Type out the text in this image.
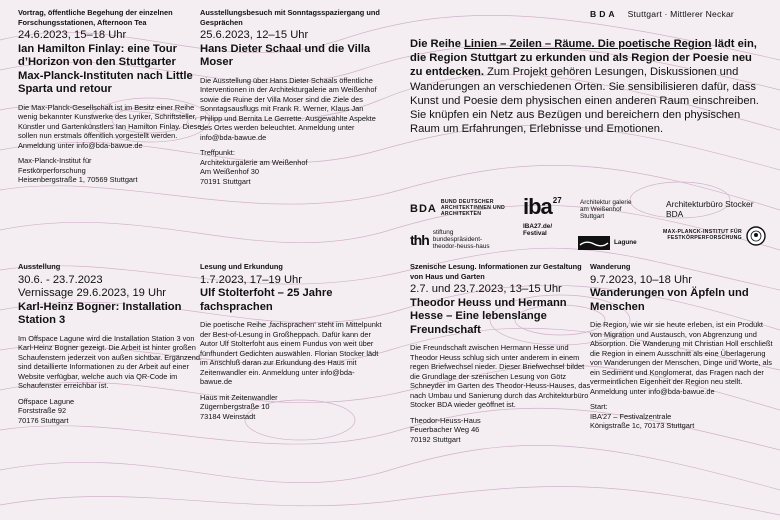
BDA Stuttgart · Mittlerer Neckar
Die Reihe Linien – Zeilen – Räume. Die poetische Region lädt ein, die Region Stuttgart zu erkunden und als Region der Poesie neu zu entdecken. Zum Projekt gehören Lesungen, Diskussionen und Wanderungen an verschiedenen Orten. Sie sensibilisieren dafür, dass Kunst und Poesie dem physischen einen anderen Raum einschreiben. Sie knüpfen ein Netz aus Bezügen und bereichern den physischen Raum um Erfahrungen, Erlebnisse und Emotionen.
BDA
BUND DEUTSCHER ARCHITEKTINNEN UND ARCHITEKTEN	iba 27
IBA27.de/ Festival
Architektur galerie am Weißenhof Stuttgart
Architekturbüro Stocker BDA
thh stiftung bundespräsident- theodor-heuss-haus
Lagune
MAX-PLANCK-INSTITUT FÜR FESTKÖRPERFORSCHUNG
Vortrag, öffentliche Begehung der einzelnen Forschungsstationen, Afternoon Tea
24.6.2023, 15–18 Uhr
Ian Hamilton Finlay: eine Tour d’Horizon von den Stuttgarter Max-Planck-Instituten nach Little Sparta und retour
Die Max-Planck-Gesellschaft ist im Besitz einer Reihe wenig bekannter Kunstwerke des Lyriker, Schriftsteller, Künstler und Gartenkünstlers Ian Hamilton Finlay. Diese sollen nun erstmals öffentlich vorgestellt werden. Anmeldung unter info@bda-bawue.de
Max-Planck-Institut für
Festkörperforschung
Heisenbergstraße 1, 70569 Stuttgart
Ausstellungsbesuch mit Sonntagsspaziergang und Gesprächen
25.6.2023, 12–15 Uhr
Hans Dieter Schaal und die Villa Moser
Die Ausstellung über Hans Dieter Schaals öffentliche Interventionen in der Architekturgalerie am Weißenhof sowie die Ruine der Villa Moser sind die Ziele des Sonntagsausflugs mit Frank R. Werner, Klaus Jan Philipp und Bernita Le Gerrette. Ausgewählte Aspekte des Ortes werden beleuchtet. Anmeldung unter info@bda-bawue.de
Treffpunkt:
Architekturgalerie am Weißenhof
Am Weißenhof 30
70191 Stuttgart
Ausstellung
30.6. - 23.7.2023
Vernissage 29.6.2023, 19 Uhr
Karl-Heinz Bogner: Installation Station 3
Im Offspace Lagune wird die Installation Station 3 von Karl-Heinz Bogner gezeigt. Die Arbeit ist hinter großen Schaufenstern jederzeit von außen sichtbar. Ergänzend sind detaillierte Informationen zu der Arbeit auf einer Website verfügbar, welche auch via QR-Code im Schaufenster erreichbar ist.
Offspace Lagune
Forststraße 92
70176 Stuttgart
Lesung und Erkundung
1.7.2023, 17–19 Uhr
Ulf Stolterfoht – 25 Jahre fachsprachen
Die poetische Reihe ‚fachsprachen‘ steht im Mittelpunkt der Best-of-Lesung in Großheppach. Dafür kann der Autor Ulf Stolterfoht aus einem Fundus von weit über fünfhundert Gedichten auswählen. Florian Stocker lädt im Anschluß daran zur Erkundung des Haus mit Zeitenwandler ein. Anmeldung unter info@bda-bawue.de
Haus mit Zeitenwandler
Zügernbergstraße 10
73184 Weinstadt
Szenische Lesung. Informationen zur Gestaltung von Haus und Garten
2.7. und 23.7.2023, 13–15 Uhr
Theodor Heuss und Hermann Hesse – Eine lebenslange Freundschaft
Die Freundschaft zwischen Hermann Hesse und Theodor Heuss schlug sich unter anderem in einem regen Briefwechsel nieder. Dieser Briefwechsel bildet die Grundlage der szenischen Lesung von Götz Schneyder im Garten des Theodor-Heuss-Hauses, das nach Umbau und Sanierung durch das Architekturbüro Stocker BDA wieder geöffnet ist.
Theodor-Heuss-Haus
Feuerbacher Weg 46
70192 Stuttgart
Wanderung
9.7.2023, 10–18 Uhr
Wanderungen von Äpfeln und Menschen
Die Region, wie wir sie heute erleben, ist ein Produkt von Migration und Austausch, von Abgrenzung und Absorption. Die Wanderung mit Christian Holl erschließt die Region in einem Ausschnitt als eine Überlagerung von Wanderungen der Menschen, Dinge und Worte, als ein Sediment und Konglomerat, das Fragen nach der vermeintlichen Eigenheit der Region neu stellt. Anmeldung unter info@bda-bawue.de
Start:
IBA’27 – Festivalzentrale
Königstraße 1c, 70173 Stuttgart
